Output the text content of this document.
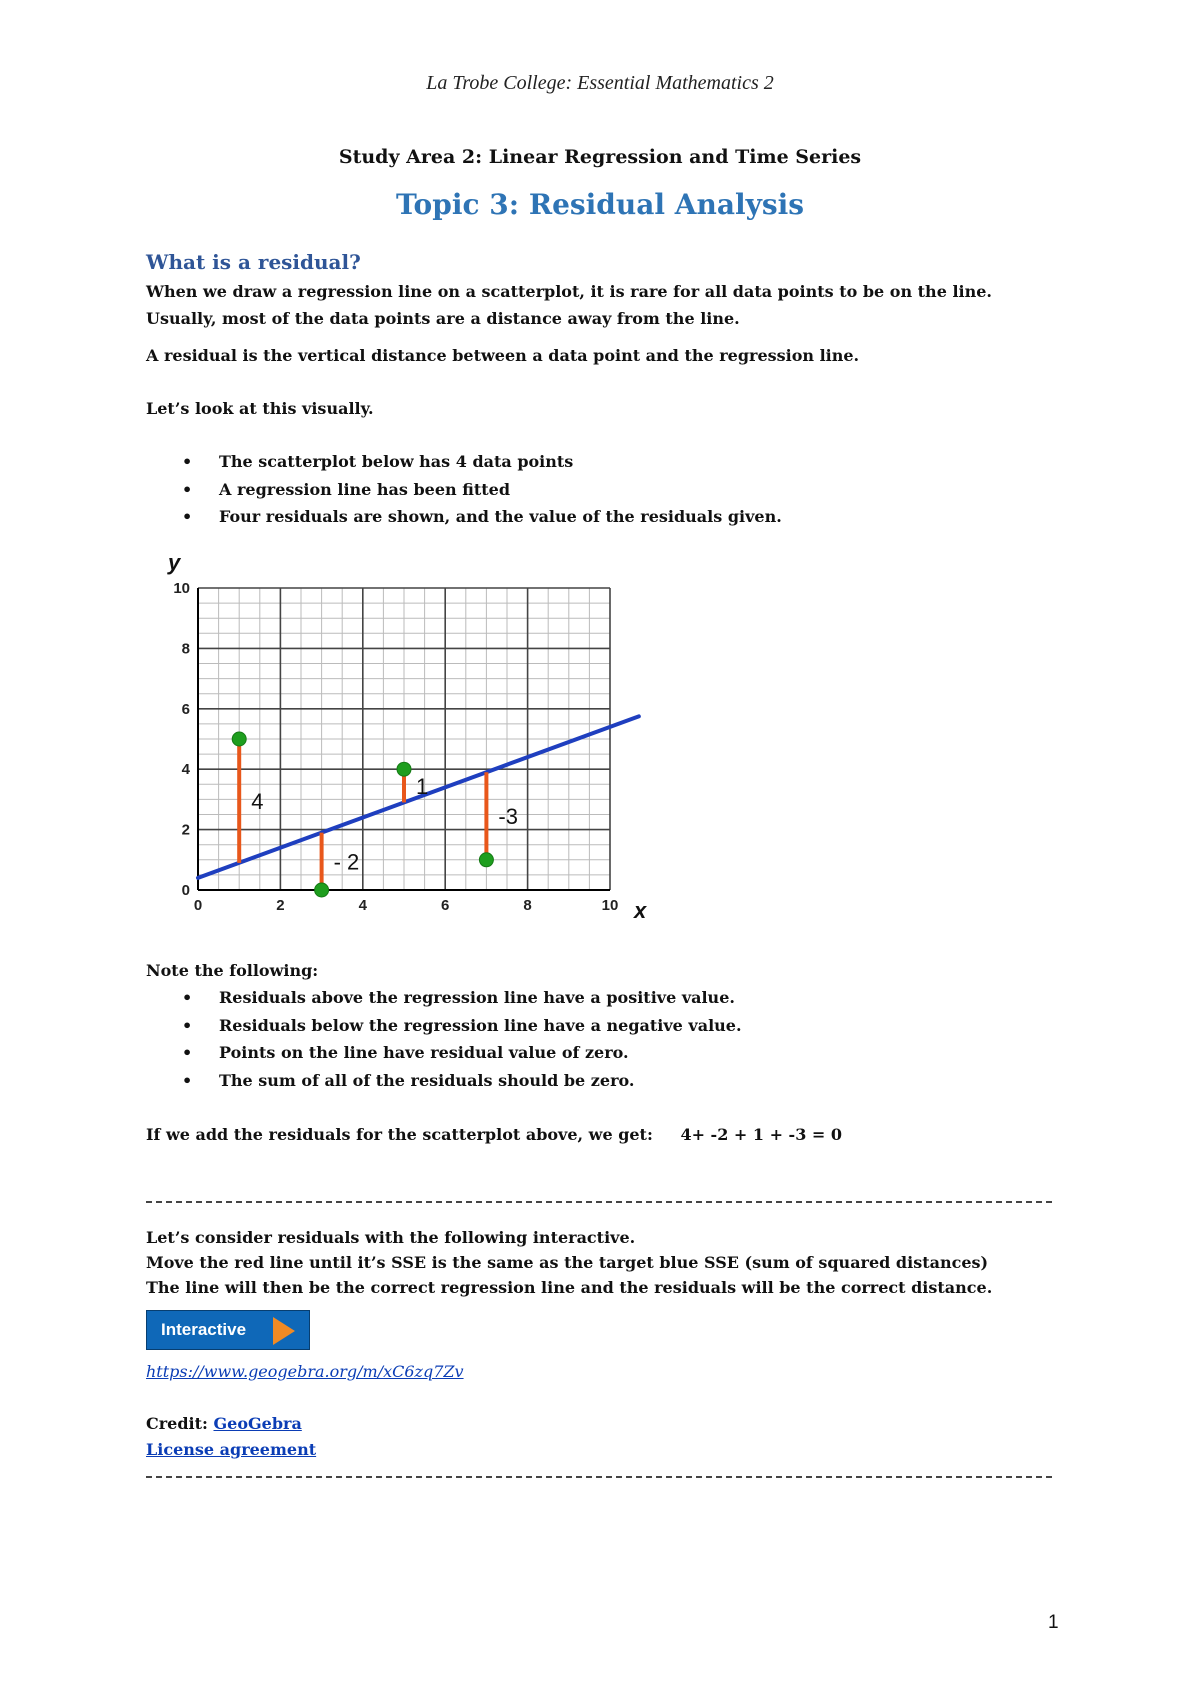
La Trobe College: Essential Mathematics 2
Study Area 2: Linear Regression and Time Series
Topic 3: Residual Analysis
What is a residual?
When we draw a regression line on a scatterplot, it is rare for all data points to be on the line.
Usually, most of the data points are a distance away from the line.
A residual is the vertical distance between a data point and the regression line.
Let’s look at this visually.
• The scatterplot below has 4 data points
• A regression line has been fitted
• Four residuals are shown, and the value of the residuals given.
0	2	4	6	8	10
0
2
4
6
8
10
x
y
4
- 2
1
-3
Note the following:
• Residuals above the regression line have a positive value.
• Residuals below the regression line have a negative value.
• Points on the line have residual value of zero.
• The sum of all of the residuals should be zero.
If we add the residuals for the scatterplot above, we get: 4+ -2 + 1 + -3 = 0
Let’s consider residuals with the following interactive.
Move the red line until it’s SSE is the same as the target blue SSE (sum of squared distances)
The line will then be the correct regression line and the residuals will be the correct distance.
Interactive
https://www.geogebra.org/m/xC6zq7Zv
Credit: GeoGebra
License agreement
1
